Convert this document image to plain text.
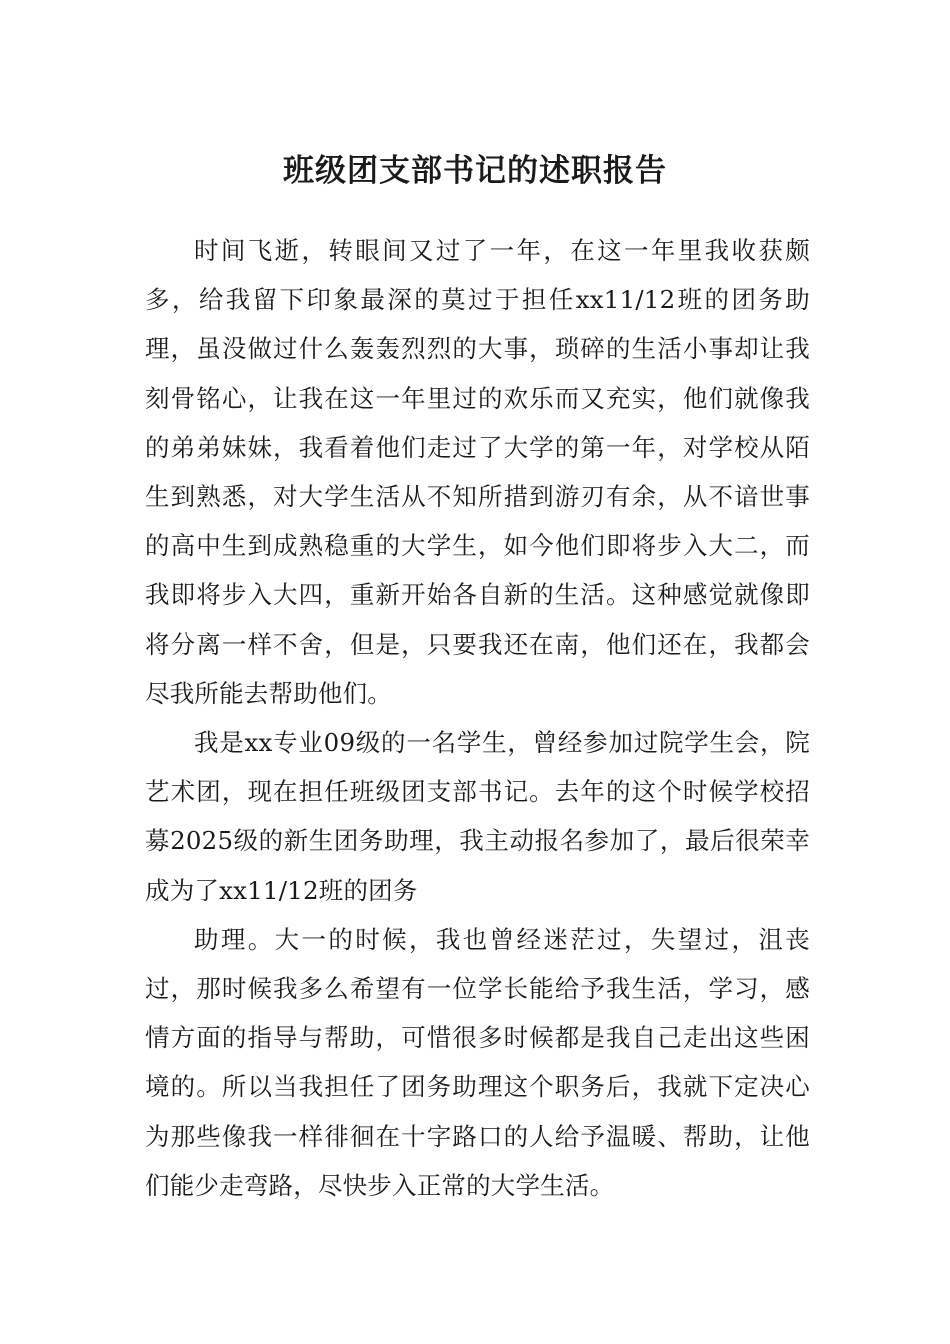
班级团支部书记的述职报告

时间飞逝，转眼间又过了一年，在这一年里我收获颇多，给我留下印象最深的莫过于担任xx11/12班的团务助理，虽没做过什么轰轰烈烈的大事，琐碎的生活小事却让我刻骨铭心，让我在这一年里过的欢乐而又充实，他们就像我的弟弟妹妹，我看着他们走过了大学的第一年，对学校从陌生到熟悉，对大学生活从不知所措到游刃有余，从不谙世事的高中生到成熟稳重的大学生，如今他们即将步入大二，而我即将步入大四，重新开始各自新的生活。这种感觉就像即将分离一样不舍，但是，只要我还在南，他们还在，我都会尽我所能去帮助他们。

我是xx专业09级的一名学生，曾经参加过院学生会，院艺术团，现在担任班级团支部书记。去年的这个时候学校招募2025级的新生团务助理，我主动报名参加了，最后很荣幸成为了xx11/12班的团务

助理。大一的时候，我也曾经迷茫过，失望过，沮丧过，那时候我多么希望有一位学长能给予我生活，学习，感情方面的指导与帮助，可惜很多时候都是我自己走出这些困境的。所以当我担任了团务助理这个职务后，我就下定决心为那些像我一样徘徊在十字路口的人给予温暖、帮助，让他们能少走弯路，尽快步入正常的大学生活。
